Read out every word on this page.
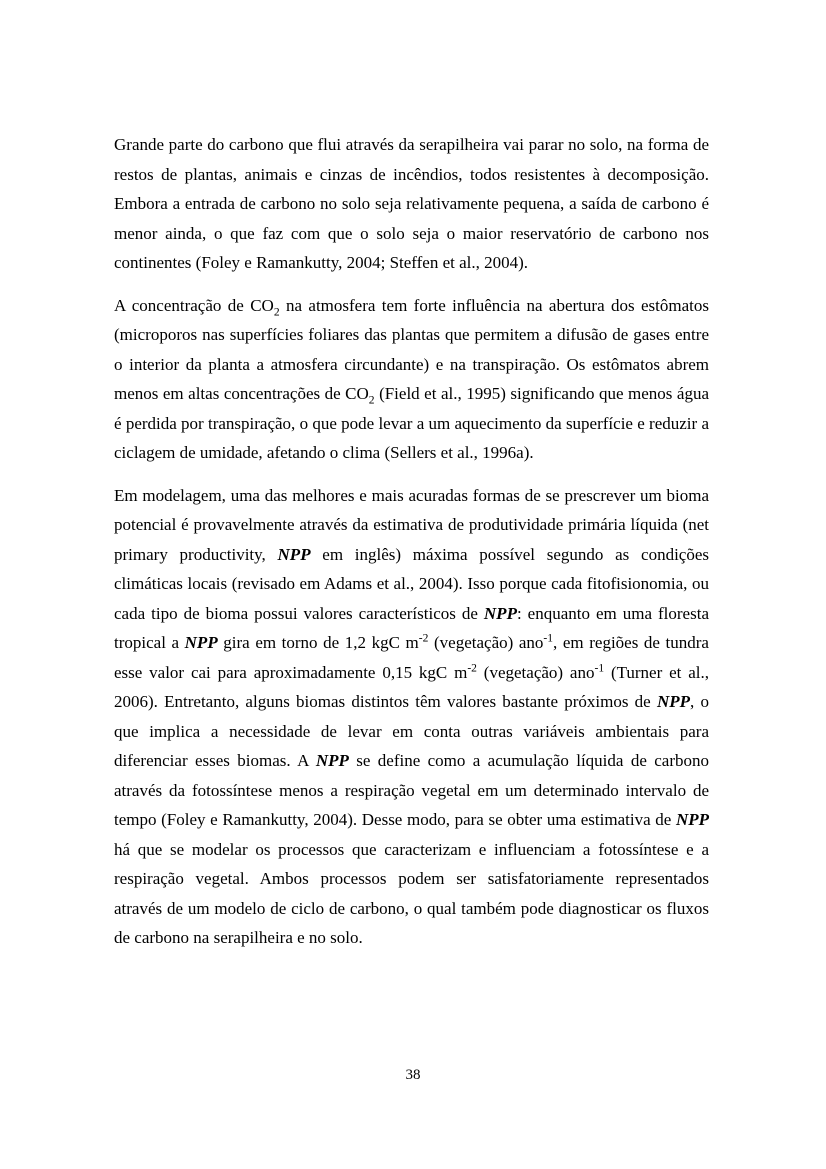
Grande parte do carbono que flui através da serapilheira vai parar no solo, na forma de restos de plantas, animais e cinzas de incêndios, todos resistentes à decomposição. Embora a entrada de carbono no solo seja relativamente pequena, a saída de carbono é menor ainda, o que faz com que o solo seja o maior reservatório de carbono nos continentes (Foley e Ramankutty, 2004; Steffen et al., 2004).

A concentração de $CO_2$ na atmosfera tem forte influência na abertura dos estômatos (microporos nas superfícies foliares das plantas que permitem a difusão de gases entre o interior da planta a atmosfera circundante) e na transpiração. Os estômatos abrem menos em altas concentrações de $CO_2$ (Field et al., 1995) significando que menos água é perdida por transpiração, o que pode levar a um aquecimento da superfície e reduzir a ciclagem de umidade, afetando o clima (Sellers et al., 1996a).

Em modelagem, uma das melhores e mais acuradas formas de se prescrever um bioma potencial é provavelmente através da estimativa de produtividade primária líquida (net primary productivity, NPP em inglês) máxima possível segundo as condições climáticas locais (revisado em Adams et al., 2004). Isso porque cada fitofisionomia, ou cada tipo de bioma possui valores característicos de NPP: enquanto em uma floresta tropical a NPP gira em torno de 1,2 kgC $m^{-2}$ (vegetação) ano$^{-1}$, em regiões de tundra esse valor cai para aproximadamente 0,15 kgC $m^{-2}$ (vegetação) ano$^{-1}$ (Turner et al., 2006). Entretanto, alguns biomas distintos têm valores bastante próximos de NPP, o que implica a necessidade de levar em conta outras variáveis ambientais para diferenciar esses biomas. A NPP se define como a acumulação líquida de carbono através da fotossíntese menos a respiração vegetal em um determinado intervalo de tempo (Foley e Ramankutty, 2004). Desse modo, para se obter uma estimativa de NPP há que se modelar os processos que caracterizam e influenciam a fotossíntese e a respiração vegetal. Ambos processos podem ser satisfatoriamente representados através de um modelo de ciclo de carbono, o qual também pode diagnosticar os fluxos de carbono na serapilheira e no solo.

38
